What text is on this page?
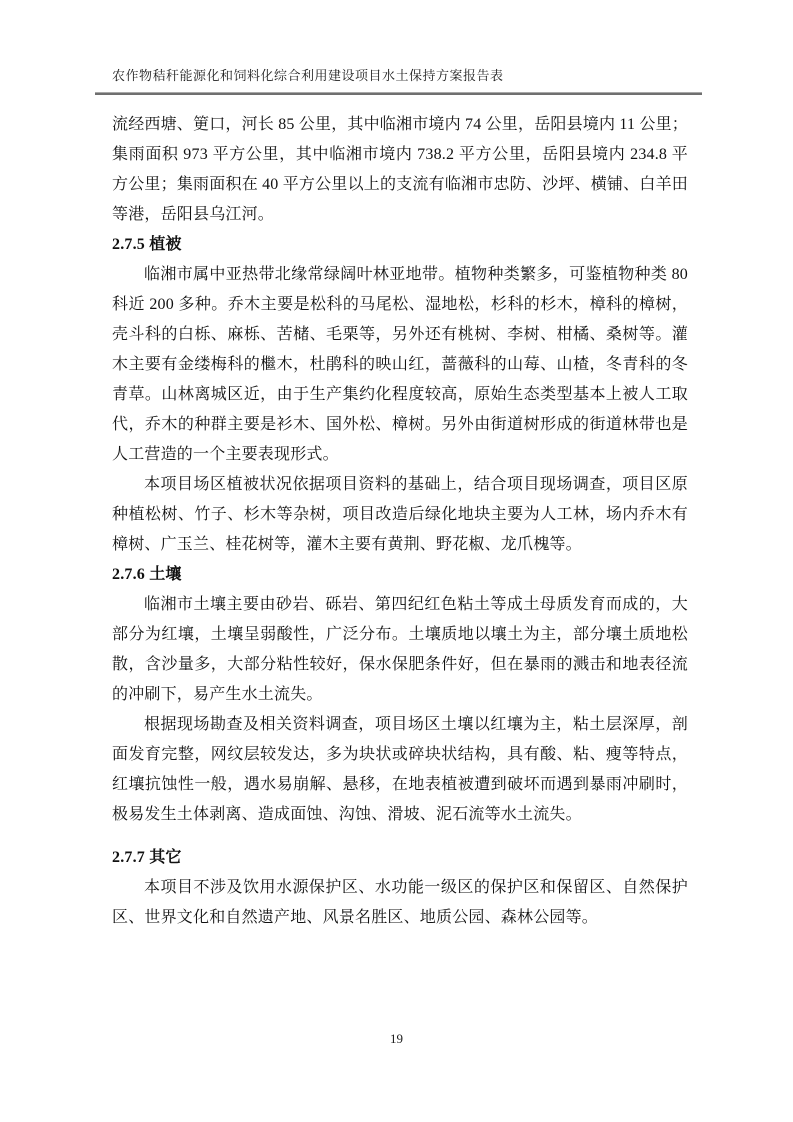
农作物秸秆能源化和饲料化综合利用建设项目水土保持方案报告表

流经西塘、筻口，河长 85 公里，其中临湘市境内 74 公里，岳阳县境内 11 公里；集雨面积 973 平方公里，其中临湘市境内 738.2 平方公里，岳阳县境内 234.8 平方公里；集雨面积在 40 平方公里以上的支流有临湘市忠防、沙坪、横铺、白羊田等港，岳阳县乌江河。

2.7.5 植被

临湘市属中亚热带北缘常绿阔叶林亚地带。植物种类繁多，可鉴植物种类 80 科近 200 多种。乔木主要是松科的马尾松、湿地松，杉科的杉木，樟科的樟树，壳斗科的白栎、麻栎、苦槠、毛栗等，另外还有桃树、李树、柑橘、桑树等。灌木主要有金缕梅科的檵木，杜鹃科的映山红，蔷薇科的山莓、山楂，冬青科的冬青草。山林离城区近，由于生产集约化程度较高，原始生态类型基本上被人工取代，乔木的种群主要是衫木、国外松、樟树。另外由街道树形成的街道林带也是人工营造的一个主要表现形式。

本项目场区植被状况依据项目资料的基础上，结合项目现场调查，项目区原种植松树、竹子、杉木等杂树，项目改造后绿化地块主要为人工林，场内乔木有樟树、广玉兰、桂花树等，灌木主要有黄荆、野花椒、龙爪槐等。

2.7.6 土壤

临湘市土壤主要由砂岩、砾岩、第四纪红色粘土等成土母质发育而成的，大部分为红壤，土壤呈弱酸性，广泛分布。土壤质地以壤土为主，部分壤土质地松散，含沙量多，大部分粘性较好，保水保肥条件好，但在暴雨的溅击和地表径流的冲刷下，易产生水土流失。

根据现场勘查及相关资料调查，项目场区土壤以红壤为主，粘土层深厚，剖面发育完整，网纹层较发达，多为块状或碎块状结构，具有酸、粘、瘦等特点，红壤抗蚀性一般，遇水易崩解、悬移，在地表植被遭到破坏而遇到暴雨冲刷时，极易发生土体剥离、造成面蚀、沟蚀、滑坡、泥石流等水土流失。

2.7.7 其它

本项目不涉及饮用水源保护区、水功能一级区的保护区和保留区、自然保护区、世界文化和自然遗产地、风景名胜区、地质公园、森林公园等。

19
